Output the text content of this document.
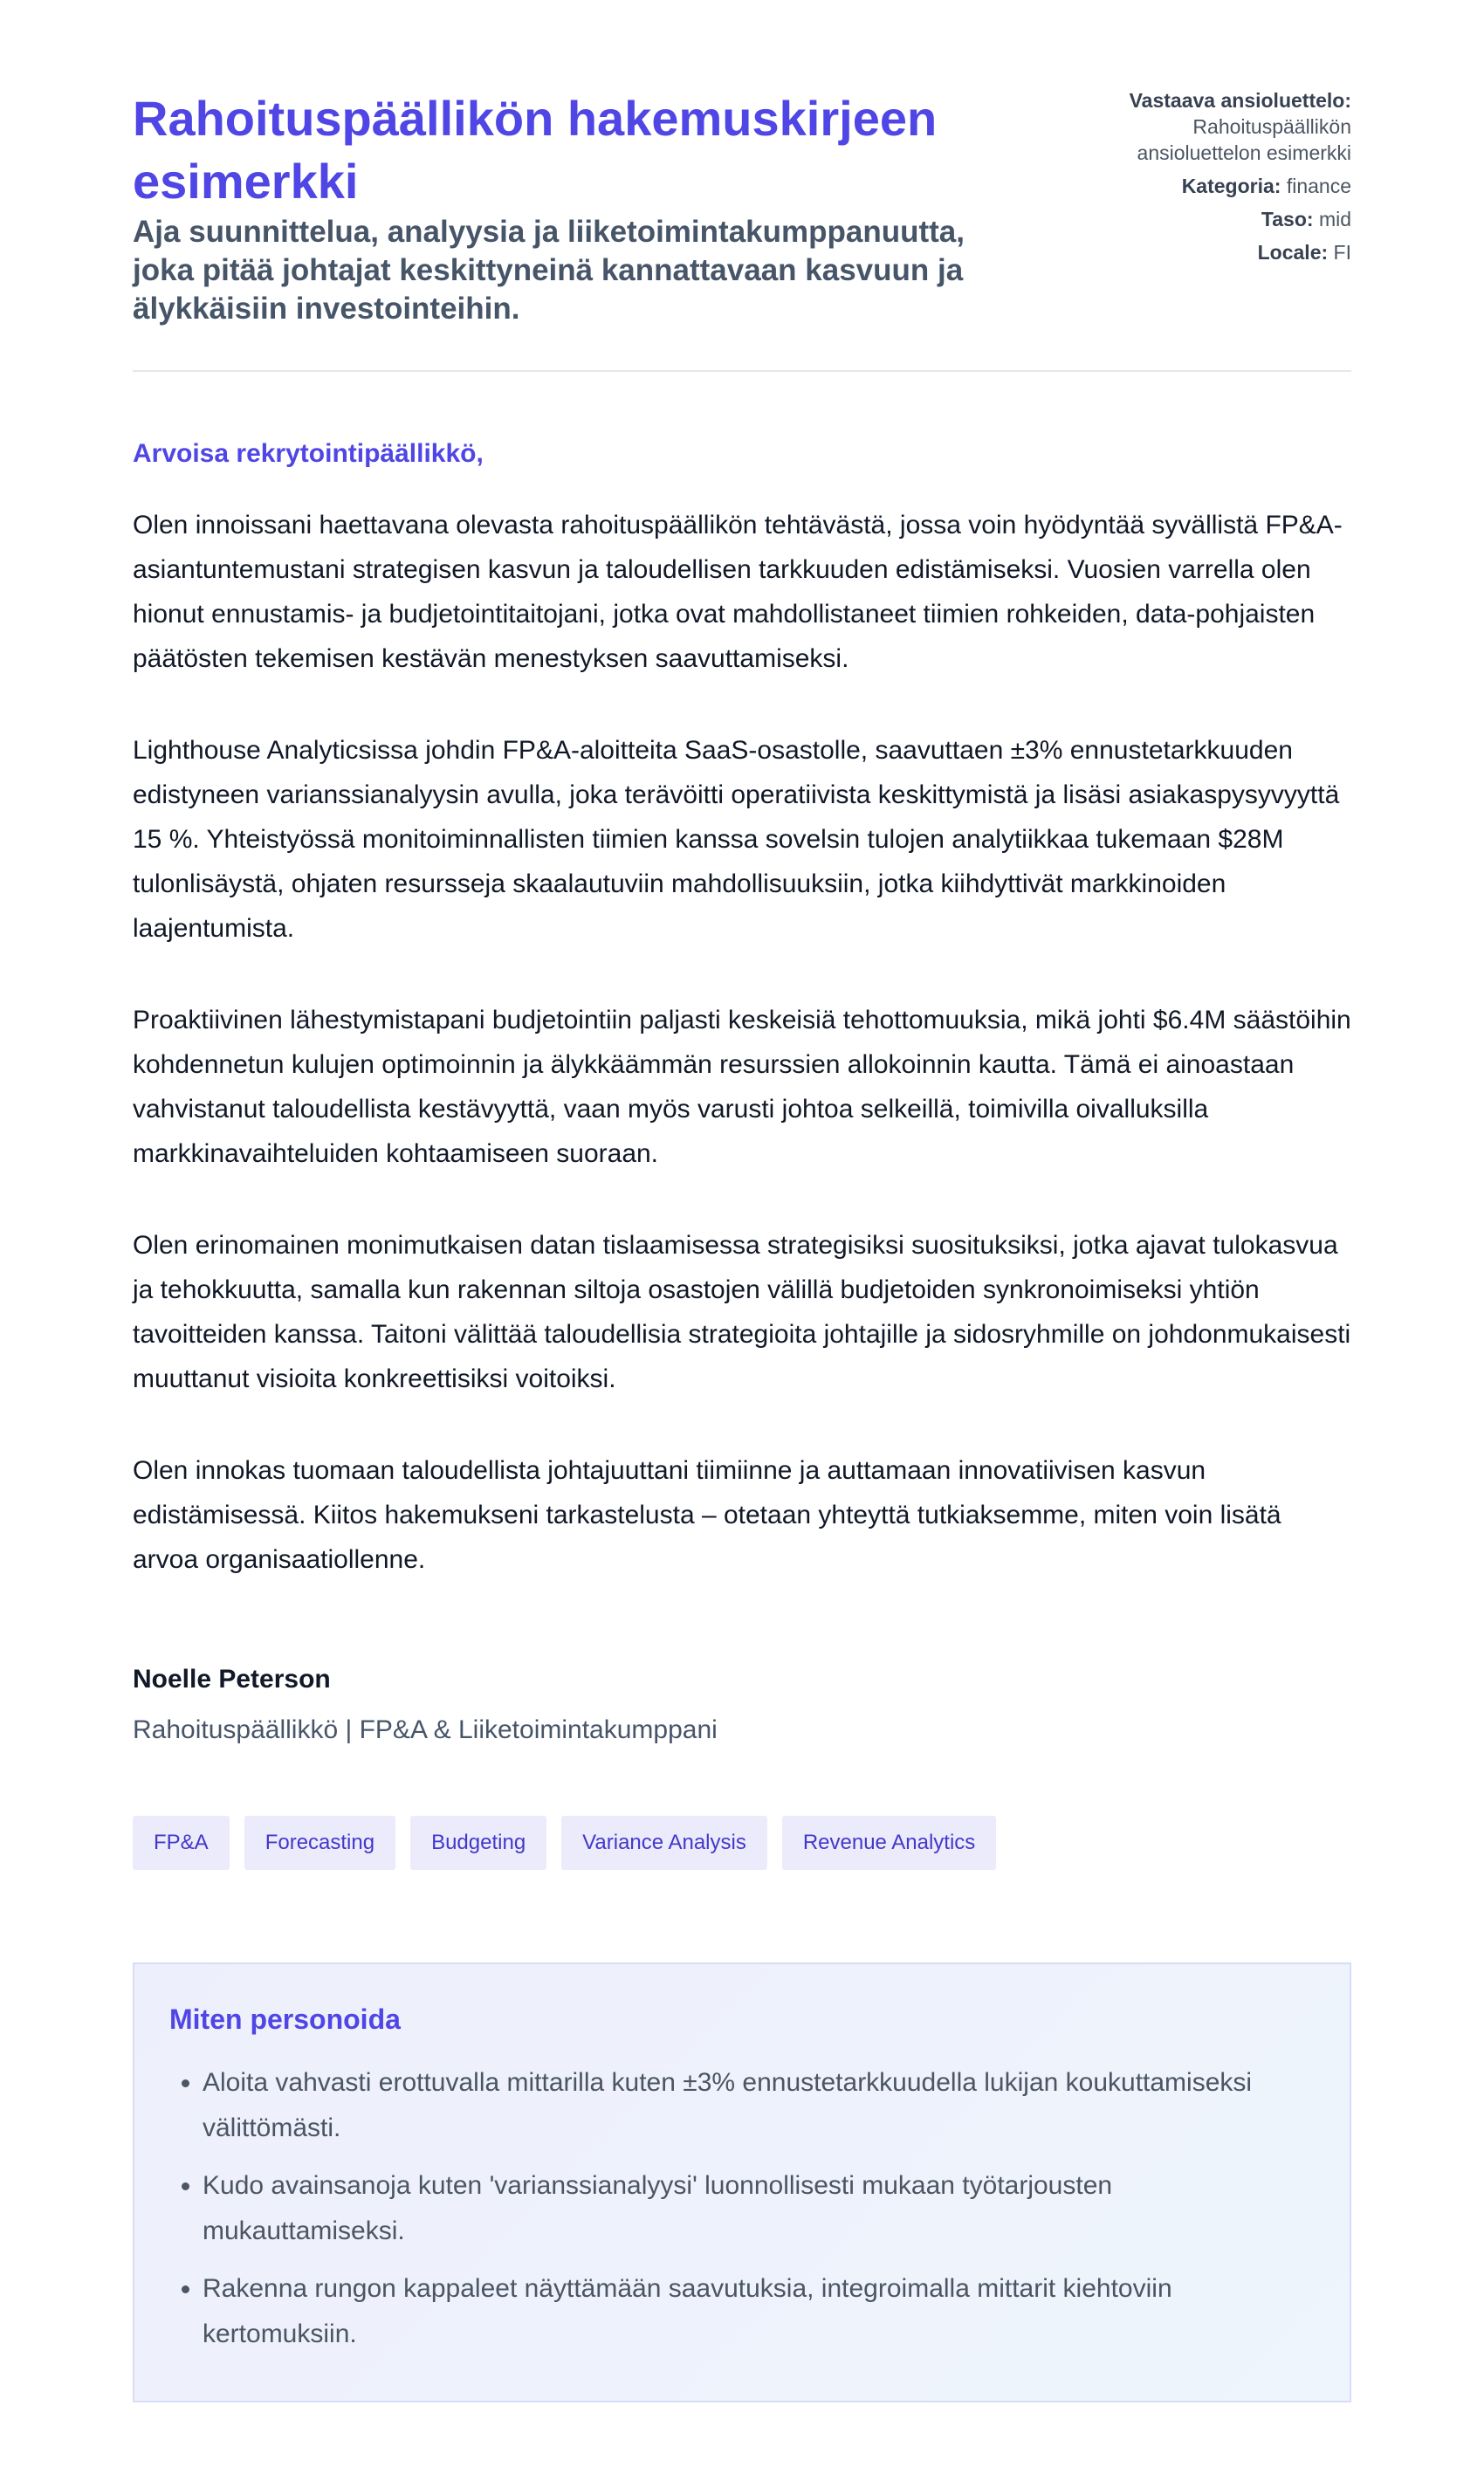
Rahoituspäällikön hakemuskirjeen esimerkki
Aja suunnittelua, analyysia ja liiketoimintakumppanuutta, joka pitää johtajat keskittyneinä kannattavaan kasvuun ja älykkäisiin investointeihin.

Vastaava ansioluettelo:

Rahoituspäällikön

ansioluettelon esimerkki

Kategoria: finance

Taso: mid

Locale: FI

Arvoisa rekrytointipäällikkö,

Olen innoissani haettavana olevasta rahoituspäällikön tehtävästä, jossa voin hyödyntää syvällistä FP&A-asiantuntemustani strategisen kasvun ja taloudellisen tarkkuuden edistämiseksi. Vuosien varrella olen hionut ennustamis- ja budjetointitaitojani, jotka ovat mahdollistaneet tiimien rohkeiden, data-pohjaisten päätösten tekemisen kestävän menestyksen saavuttamiseksi.

Lighthouse Analyticsissa johdin FP&A-aloitteita SaaS-osastolle, saavuttaen ±3% ennustetarkkuuden edistyneen varianssianalyysin avulla, joka terävöitti operatiivista keskittymistä ja lisäsi asiakaspysyvyyttä 15 %. Yhteistyössä monitoiminnallisten tiimien kanssa sovelsin tulojen analytiikkaa tukemaan $28M tulonlisäystä, ohjaten resursseja skaalautuviin mahdollisuuksiin, jotka kiihdyttivät markkinoiden laajentumista.

Proaktiivinen lähestymistapani budjetointiin paljasti keskeisiä tehottomuuksia, mikä johti $6.4M säästöihin kohdennetun kulujen optimoinnin ja älykkäämmän resurssien allokoinnin kautta. Tämä ei ainoastaan vahvistanut taloudellista kestävyyttä, vaan myös varusti johtoa selkeillä, toimivilla oivalluksilla markkinavaihteluiden kohtaamiseen suoraan.

Olen erinomainen monimutkaisen datan tislaamisessa strategisiksi suosituksiksi, jotka ajavat tulokasvua ja tehokkuutta, samalla kun rakennan siltoja osastojen välillä budjetoiden synkronoimiseksi yhtiön tavoitteiden kanssa. Taitoni välittää taloudellisia strategioita johtajille ja sidosryhmille on johdonmukaisesti muuttanut visioita konkreettisiksi voitoiksi.

Olen innokas tuomaan taloudellista johtajuuttani tiimiinne ja auttamaan innovatiivisen kasvun edistämisessä. Kiitos hakemukseni tarkastelusta – otetaan yhteyttä tutkiaksemme, miten voin lisätä arvoa organisaatiollenne.

Noelle Peterson

Rahoituspäällikkö | FP&A & Liiketoimintakumppani

FP&A	Forecasting	Budgeting	Variance Analysis	Revenue Analytics
Miten personoida
• Aloita vahvasti erottuvalla mittarilla kuten ±3% ennustetarkkuudella lukijan koukuttamiseksi välittömästi.
• Kudo avainsanoja kuten 'varianssianalyysi' luonnollisesti mukaan työtarjousten mukauttamiseksi.
• Rakenna rungon kappaleet näyttämään saavutuksia, integroimalla mittarit kiehtoviin kertomuksiin.
